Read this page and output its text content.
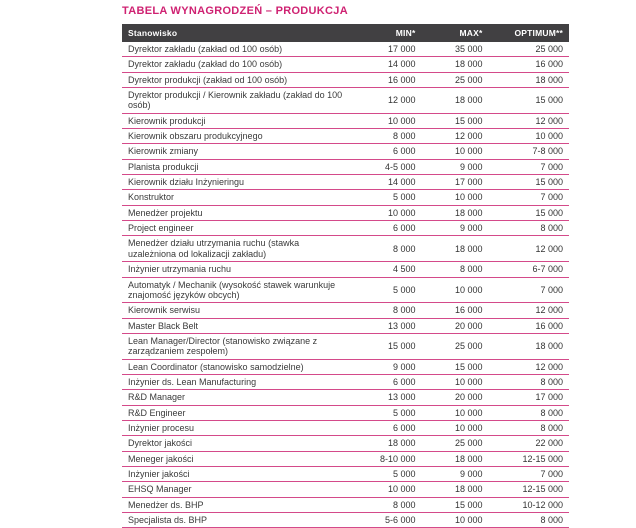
TABELA WYNAGRODZEŃ – PRODUKCJA
Stanowisko	MIN*	MAX*	OPTIMUM**
Dyrektor zakładu (zakład od 100 osób)	17 000	35 000	25 000
Dyrektor zakładu (zakład do 100 osób)	14 000	18 000	16 000
Dyrektor produkcji (zakład od 100 osób)	16 000	25 000	18 000
Dyrektor produkcji / Kierownik zakładu (zakład do 100 osób)	12 000	18 000	15 000
Kierownik produkcji	10 000	15 000	12 000
Kierownik obszaru produkcyjnego	8 000	12 000	10 000
Kierownik zmiany	6 000	10 000	7-8 000
Planista produkcji	4-5 000	9 000	7 000
Kierownik działu Inżynieringu	14 000	17 000	15 000
Konstruktor	5 000	10 000	7 000
Menedżer projektu	10 000	18 000	15 000
Project engineer	6 000	9 000	8 000
Menedżer działu utrzymania ruchu (stawka uzależniona od lokalizacji zakładu)	8 000	18 000	12 000
Inżynier utrzymania ruchu	4 500	8 000	6-7 000
Automatyk / Mechanik (wysokość stawek warunkuje znajomość języków obcych)	5 000	10 000	7 000
Kierownik serwisu	8 000	16 000	12 000
Master Black Belt	13 000	20 000	16 000
Lean Manager/Director (stanowisko związane z zarządzaniem zespołem)	15 000	25 000	18 000
Lean Coordinator (stanowisko samodzielne)	9 000	15 000	12 000
Inżynier ds. Lean Manufacturing	6 000	10 000	8 000
R&D Manager	13 000	20 000	17 000
R&D Engineer	5 000	10 000	8 000
Inżynier procesu	6 000	10 000	8 000
Dyrektor jakości	18 000	25 000	22 000
Meneger jakości	8-10 000	18 000	12-15 000
Inżynier jakości	5 000	9 000	7 000
EHSQ Manager	10 000	18 000	12-15 000
Menedżer ds. BHP	8 000	15 000	10-12 000
Specjalista ds. BHP	5-6 000	10 000	8 000
